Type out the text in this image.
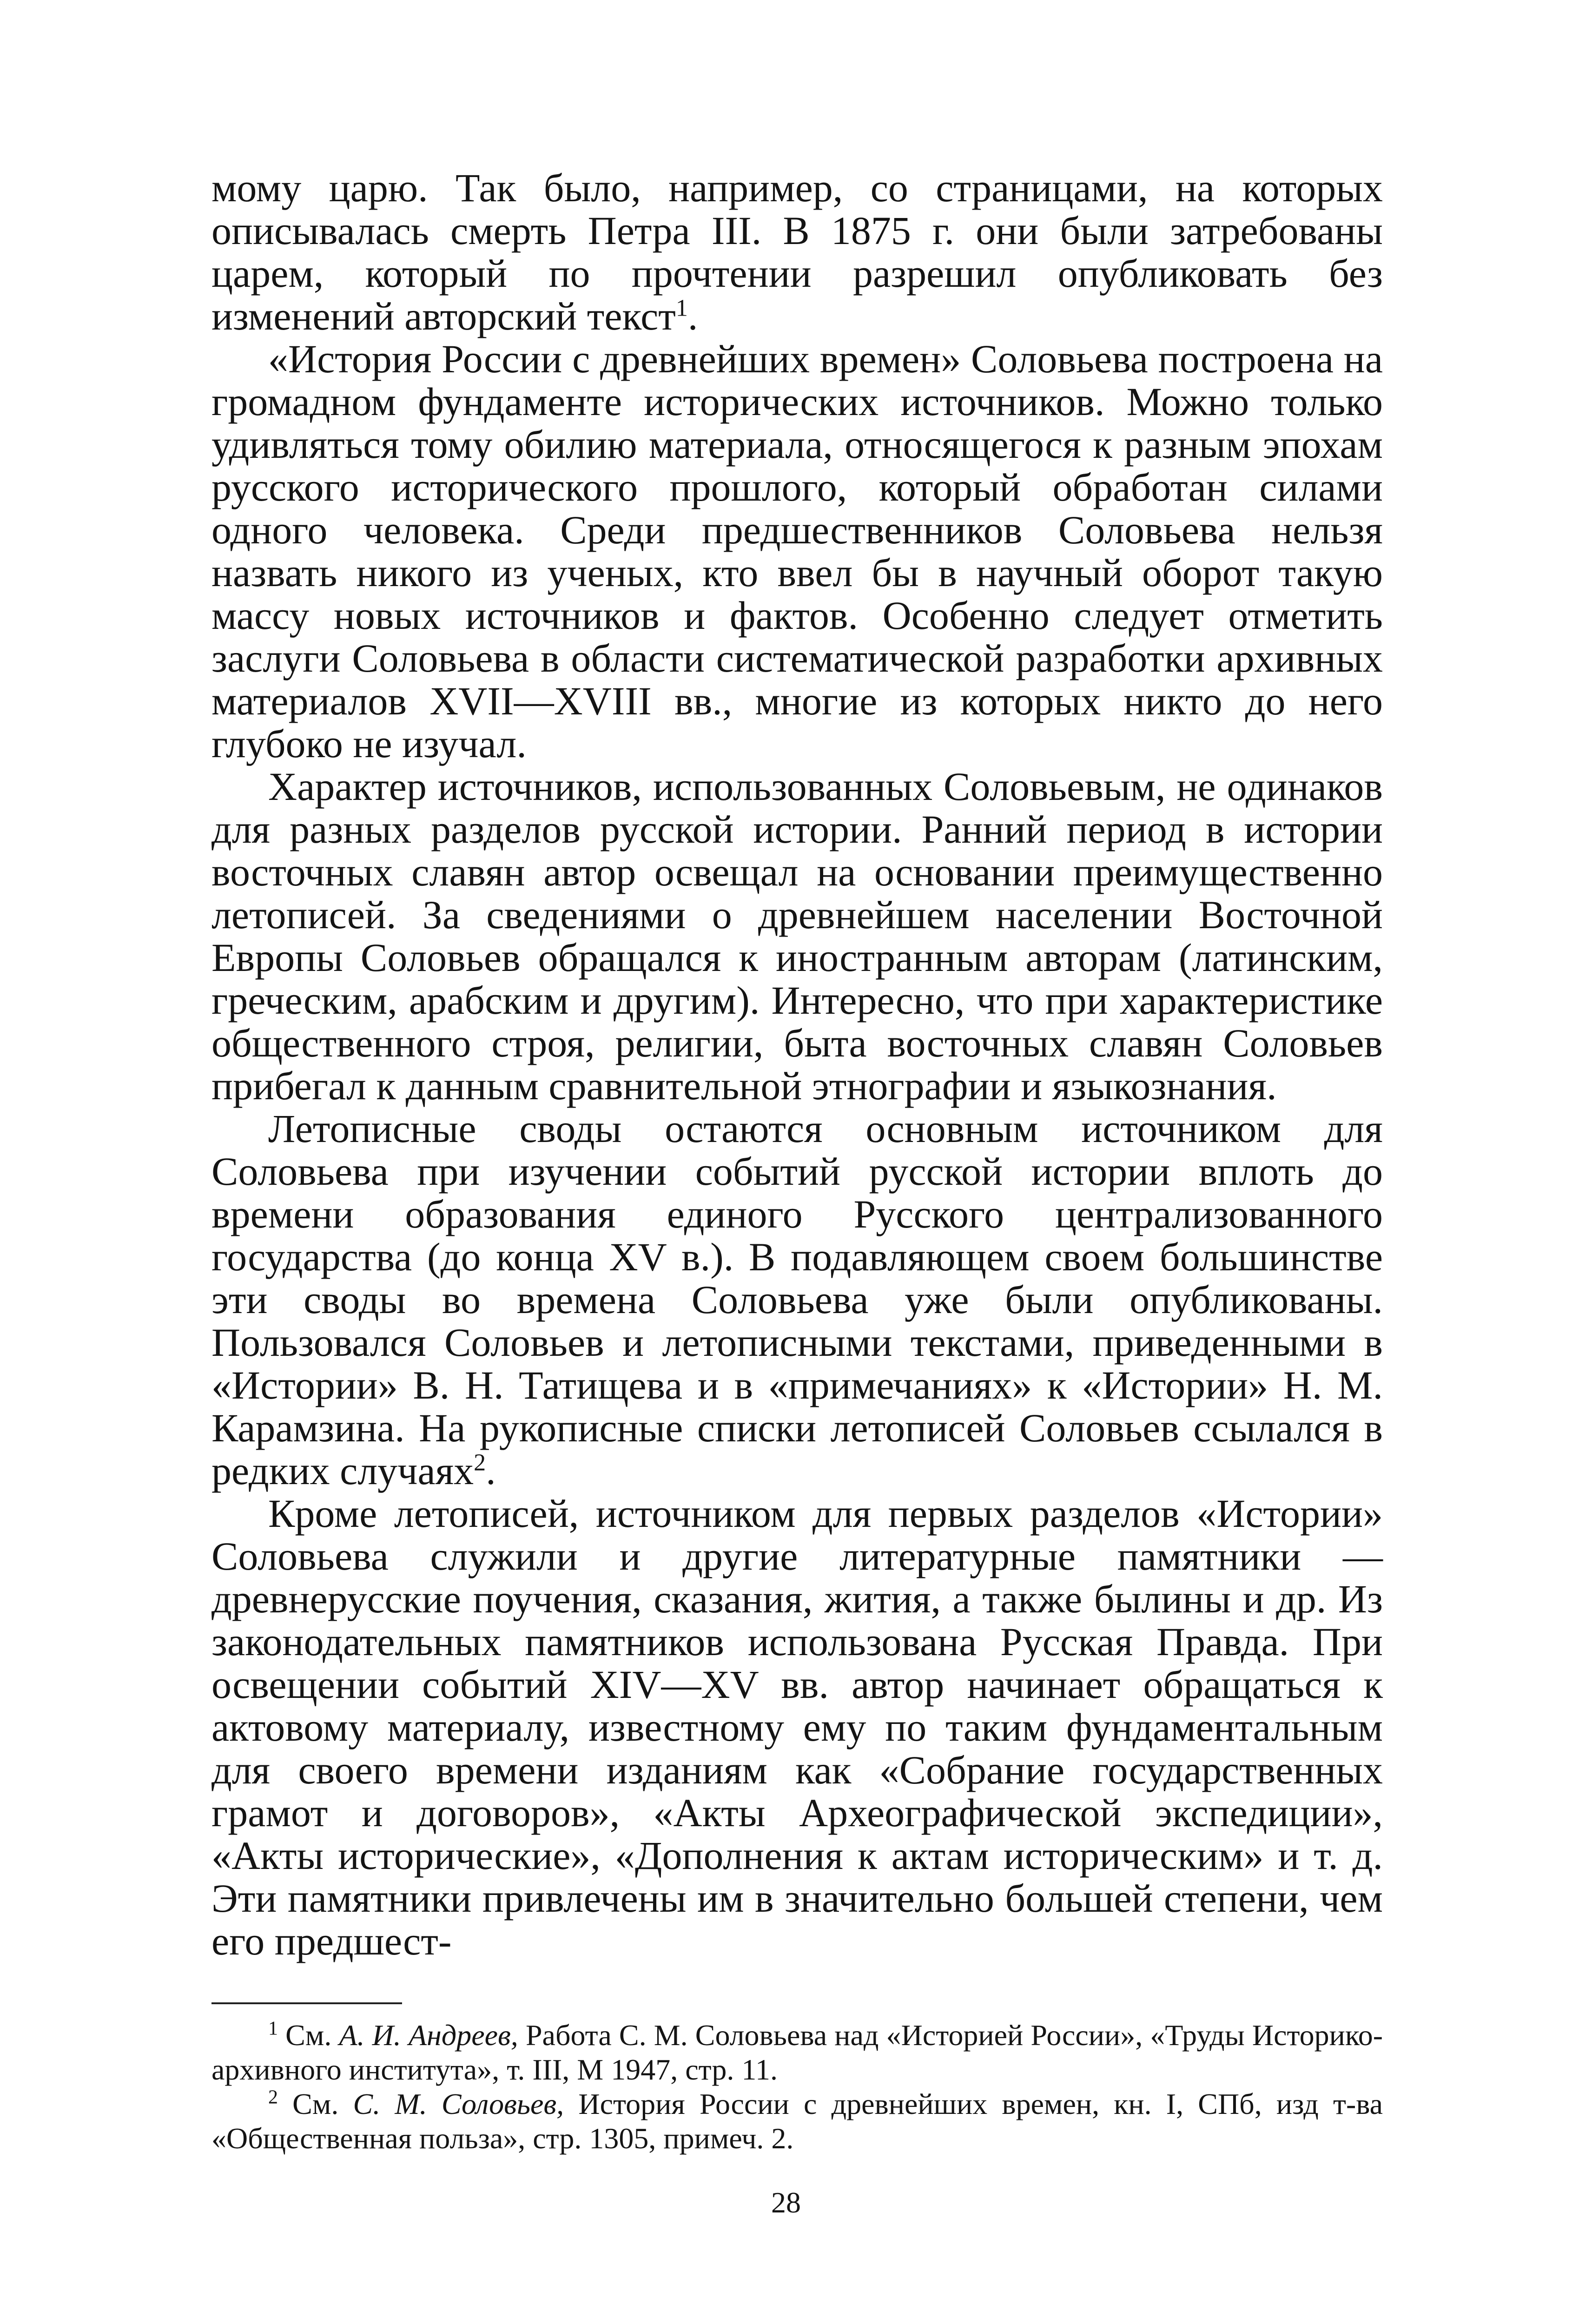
мому царю. Так было, например, со страницами, на которых описывалась смерть Петра III. В 1875 г. они были затребованы царем, который по прочтении разрешил опубликовать без изменений авторский текст$^1$.

«История России с древнейших времен» Соловьева построена на громадном фундаменте исторических источников. Можно только удивляться тому обилию материала, относящегося к разным эпохам русского исторического прошлого, который обработан силами одного человека. Среди предшественников Соловьева нельзя назвать никого из ученых, кто ввел бы в научный оборот такую массу новых источников и фактов. Особенно следует отметить заслуги Соловьева в области систематической разработки архивных материалов XVII—XVIII вв., многие из которых никто до него глубоко не изучал.

Характер источников, использованных Соловьевым, не одинаков для разных разделов русской истории. Ранний период в истории восточных славян автор освещал на основании преимущественно летописей. За сведениями о древнейшем населении Восточной Европы Соловьев обращался к иностранным авторам (латинским, греческим, арабским и другим). Интересно, что при характеристике общественного строя, религии, быта восточных славян Соловьев прибегал к данным сравнительной этнографии и языкознания.

Летописные своды остаются основным источником для Соловьева при изучении событий русской истории вплоть до времени образования единого Русского централизованного государства (до конца XV в.). В подавляющем своем большинстве эти своды во времена Соловьева уже были опубликованы. Пользовался Соловьев и летописными текстами, приведенными в «Истории» В. Н. Татищева и в «примечаниях» к «Истории» Н. М. Карамзина. На рукописные списки летописей Соловьев ссылался в редких случаях$^2$.

Кроме летописей, источником для первых разделов «Истории» Соловьева служили и другие литературные памятники — древнерусские поучения, сказания, жития, а также былины и др. Из законодательных памятников использована Русская Правда. При освещении событий XIV—XV вв. автор начинает обращаться к актовому материалу, известному ему по таким фундаментальным для своего времени изданиям как «Собрание государственных грамот и договоров», «Акты Археографической экспедиции», «Акты исторические», «Дополнения к актам историческим» и т. д. Эти памятники привлечены им в значительно большей степени, чем его предшест-

$^1$ См. А. И. Андреев, Работа С. М. Соловьева над «Историей России», «Труды Историко-архивного института», т. III, М 1947, стр. 11.

$^2$ См. С. М. Соловьев, История России с древнейших времен, кн. I, СПб, изд т-ва «Общественная польза», стр. 1305, примеч. 2.

28
